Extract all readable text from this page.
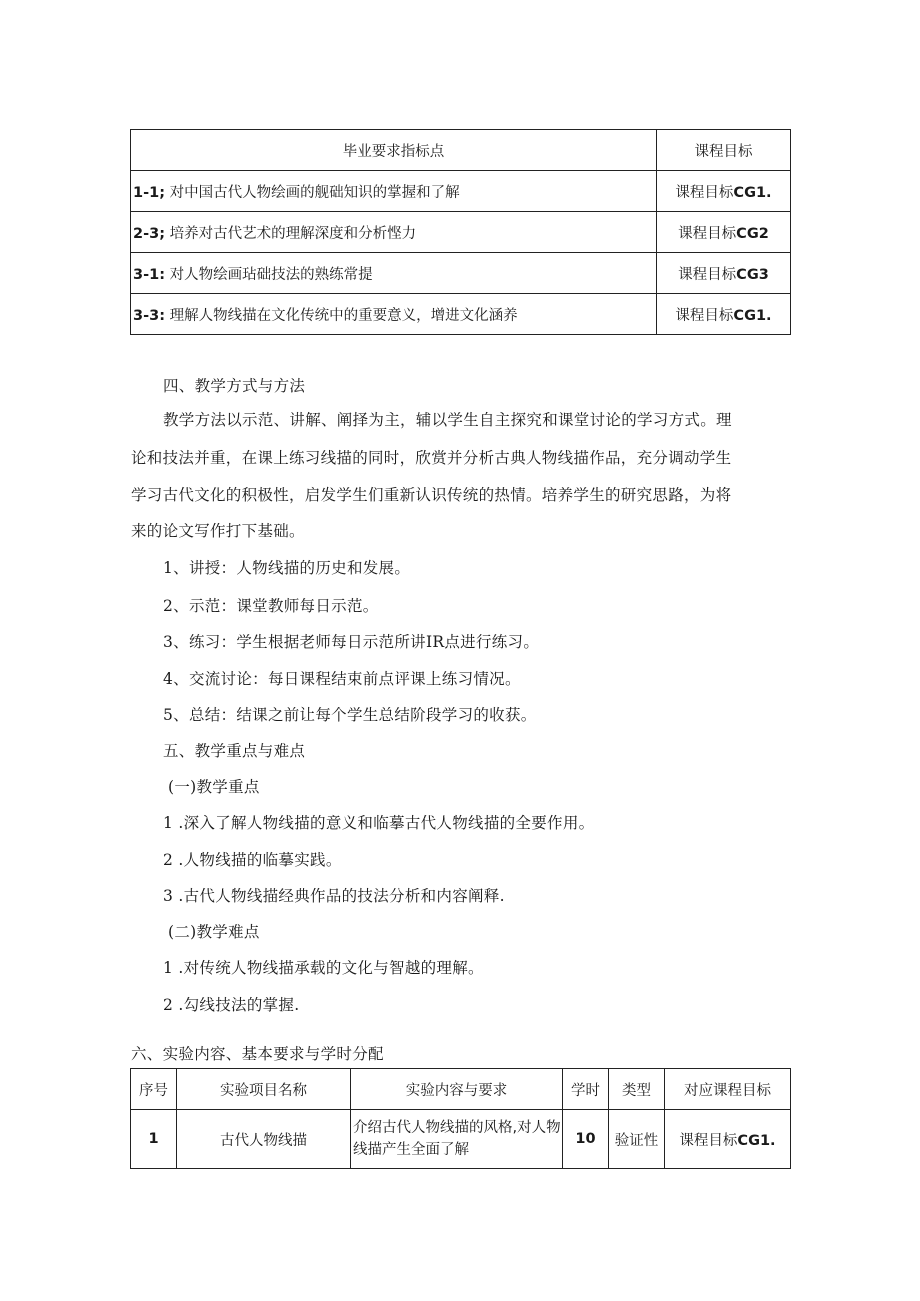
毕业要求指标点	课程目标
1-1; 对中国古代人物绘画的舰础知识的掌握和了解	课程目标CG1.
2-3; 培养对古代艺术的理解深度和分析悭力	课程目标CG2
3-1: 对人物绘画玷础技法的熟练常提	课程目标CG3
3-3: 理解人物线描在文化传统中的重要意义，增进文化涵养	课程目标CG1.
四、教学方式与方法
教学方法以示范、讲解、阐择为主，辅以学生自主探究和课堂讨论的学习方式。理
论和技法并重，在课上练习线描的同时，欣赏并分析古典人物线描作品，充分调动学生
学习古代文化的积极性，启发学生们重新认识传统的热情。培养学生的研究思路，为将
来的论文写作打下基础。
1、讲授：人物线描的历史和发展。
2、示范：课堂教师每日示范。
3、练习：学生根据老师每日示范所讲IR点进行练习。
4、交流讨论：每日课程结束前点评课上练习情况。
5、总结：结课之前让每个学生总结阶段学习的收获。
五、教学重点与难点
(一)教学重点
1 .深入了解人物线描的意义和临摹古代人物线描的全要作用。
2 .人物线描的临摹实践。
3 .古代人物线描经典作品的技法分析和内容阐释.
(二)教学难点
1 .对传统人物线描承载的文化与智越的理解。
2 .勾线技法的掌握.
六、实验内容、基本要求与学时分配
序号	实验项目名称	实验内容与要求	学时	类型	对应课程目标
1	古代人物线描	介绍古代人物线描的风格,对人物线描产生全面了解	10	验证性	课程目标CG1.
